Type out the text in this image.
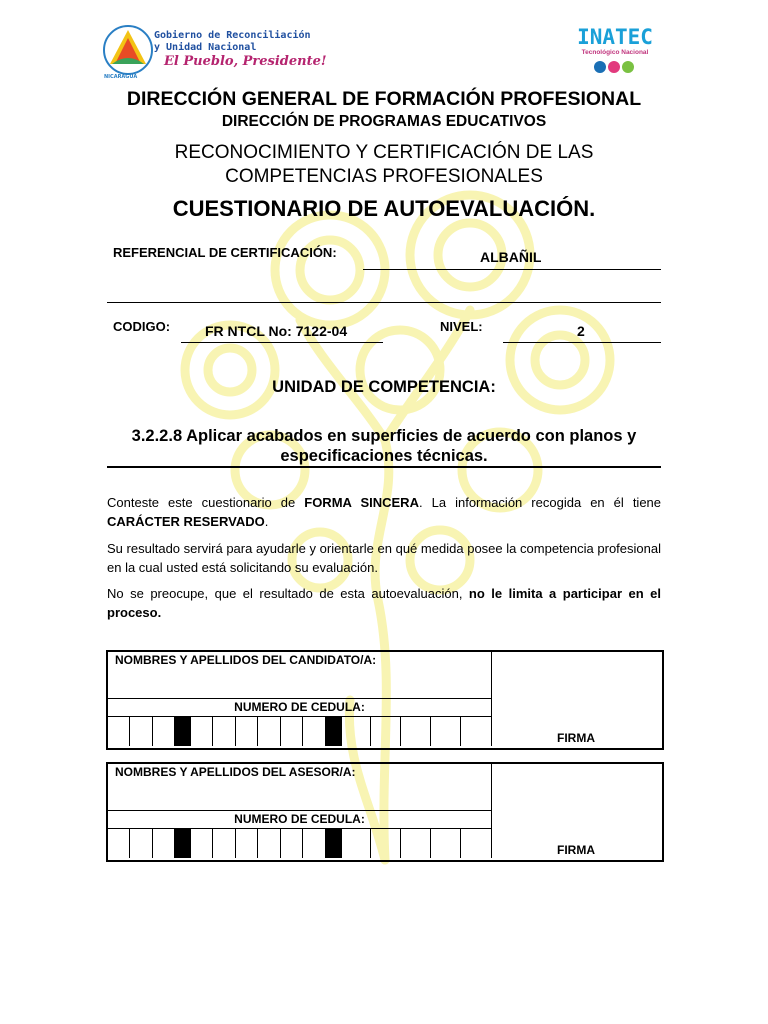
NICARAGUA
Gobierno de Reconciliación
y Unidad Nacional
El Pueblo, Presidente!
INATEC
Tecnológico Nacional
DIRECCIÓN GENERAL DE FORMACIÓN PROFESIONAL
DIRECCIÓN DE PROGRAMAS EDUCATIVOS
RECONOCIMIENTO Y CERTIFICACIÓN DE LAS
COMPETENCIAS PROFESIONALES
CUESTIONARIO DE AUTOEVALUACIÓN.
REFERENCIAL DE CERTIFICACIÓN:	ALBAÑIL
CODIGO: FR NTCL No: 7122-04	NIVEL:	2
UNIDAD DE COMPETENCIA:
3.2.2.8 Aplicar acabados en superficies de acuerdo con planos y
especificaciones técnicas.
Conteste este cuestionario de FORMA SINCERA. La información recogida en él tiene CARÁCTER RESERVADO.
Su resultado servirá para ayudarle y orientarle en qué medida posee la competencia profesional en la cual usted está solicitando su evaluación.
No se preocupe, que el resultado de esta autoevaluación, no le limita a participar en el proceso.
NOMBRES Y APELLIDOS DEL CANDIDATO/A:
NUMERO DE CEDULA:
FIRMA
NOMBRES Y APELLIDOS DEL ASESOR/A:
NUMERO DE CEDULA:
FIRMA
